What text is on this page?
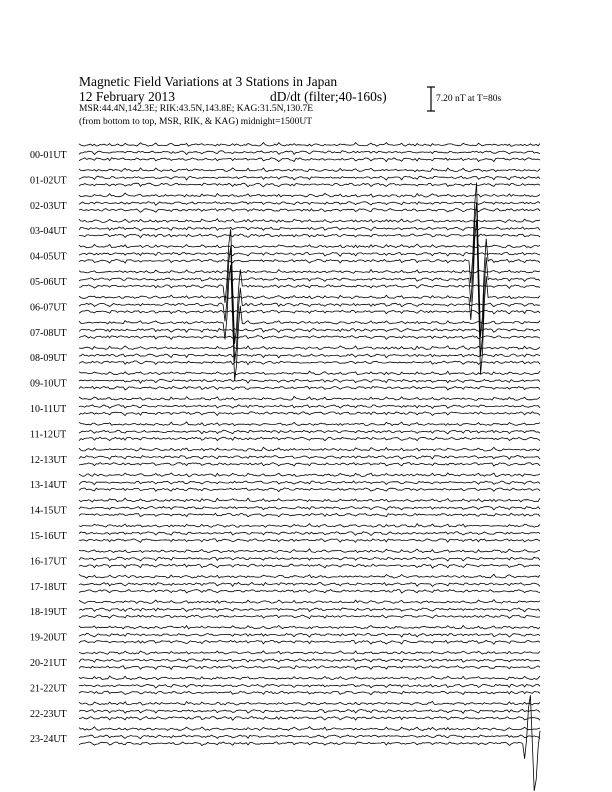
Magnetic Field Variations at 3 Stations in Japan
12 February 2013	dD/dt (filter;40-160s)
MSR:44.4N,142.3E; RIK:43.5N,143.8E; KAG:31.5N,130.7E
(from bottom to top, MSR, RIK, & KAG) midnight=1500UT
7.20 nT at T=80s
00-01UT
01-02UT
02-03UT
03-04UT
04-05UT
05-06UT
06-07UT
07-08UT
08-09UT
09-10UT
10-11UT
11-12UT
12-13UT
13-14UT
14-15UT
15-16UT
16-17UT
17-18UT
18-19UT
19-20UT
20-21UT
21-22UT
22-23UT
23-24UT
